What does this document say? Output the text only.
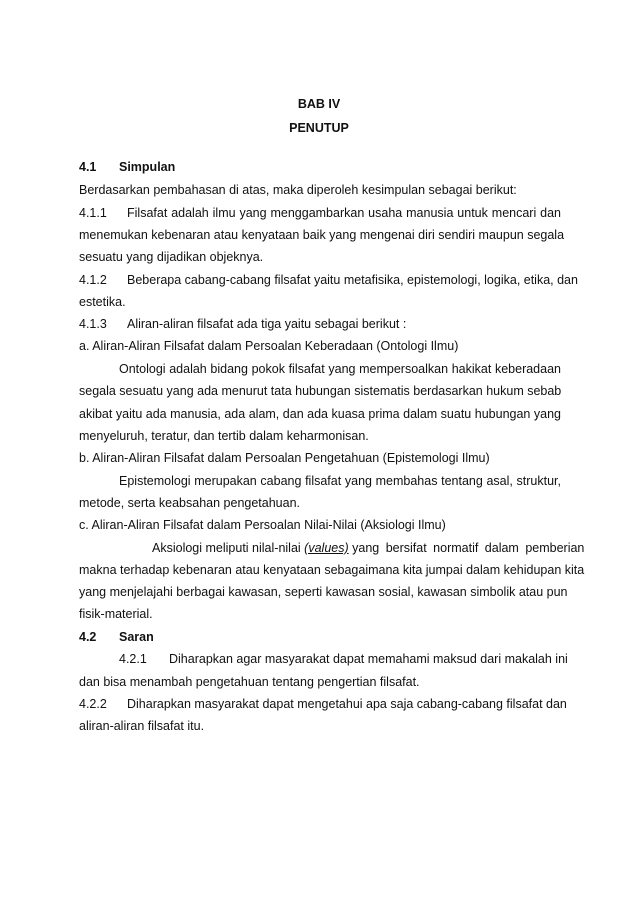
BAB IV
PENUTUP
4.1 Simpulan
Berdasarkan pembahasan di atas, maka diperoleh kesimpulan sebagai berikut:
4.1.1 Filsafat adalah ilmu yang menggambarkan usaha manusia untuk mencari dan
menemukan kebenaran atau kenyataan baik yang mengenai diri sendiri maupun segala
sesuatu yang dijadikan objeknya.
4.1.2 Beberapa cabang-cabang filsafat yaitu metafisika, epistemologi, logika, etika, dan
estetika.
4.1.3 Aliran-aliran filsafat ada tiga yaitu sebagai berikut :
a. Aliran-Aliran Filsafat dalam Persoalan Keberadaan (Ontologi Ilmu)
Ontologi adalah bidang pokok filsafat yang mempersoalkan hakikat keberadaan
segala sesuatu yang ada menurut tata hubungan sistematis berdasarkan hukum sebab
akibat yaitu ada manusia, ada alam, dan ada kuasa prima dalam suatu hubungan yang
menyeluruh, teratur, dan tertib dalam keharmonisan.
b. Aliran-Aliran Filsafat dalam Persoalan Pengetahuan (Epistemologi Ilmu)
Epistemologi merupakan cabang filsafat yang membahas tentang asal, struktur,
metode, serta keabsahan pengetahuan.
c. Aliran-Aliran Filsafat dalam Persoalan Nilai-Nilai (Aksiologi Ilmu)
Aksiologi meliputi nilal-nilai (values) yang bersifat normatif dalam pemberian
makna terhadap kebenaran atau kenyataan sebagaimana kita jumpai dalam kehidupan kita
yang menjelajahi berbagai kawasan, seperti kawasan sosial, kawasan simbolik atau pun
fisik-material.
4.2 Saran
4.2.1 Diharapkan agar masyarakat dapat memahami maksud dari makalah ini
dan bisa menambah pengetahuan tentang pengertian filsafat.
4.2.2 Diharapkan masyarakat dapat mengetahui apa saja cabang-cabang filsafat dan
aliran-aliran filsafat itu.
